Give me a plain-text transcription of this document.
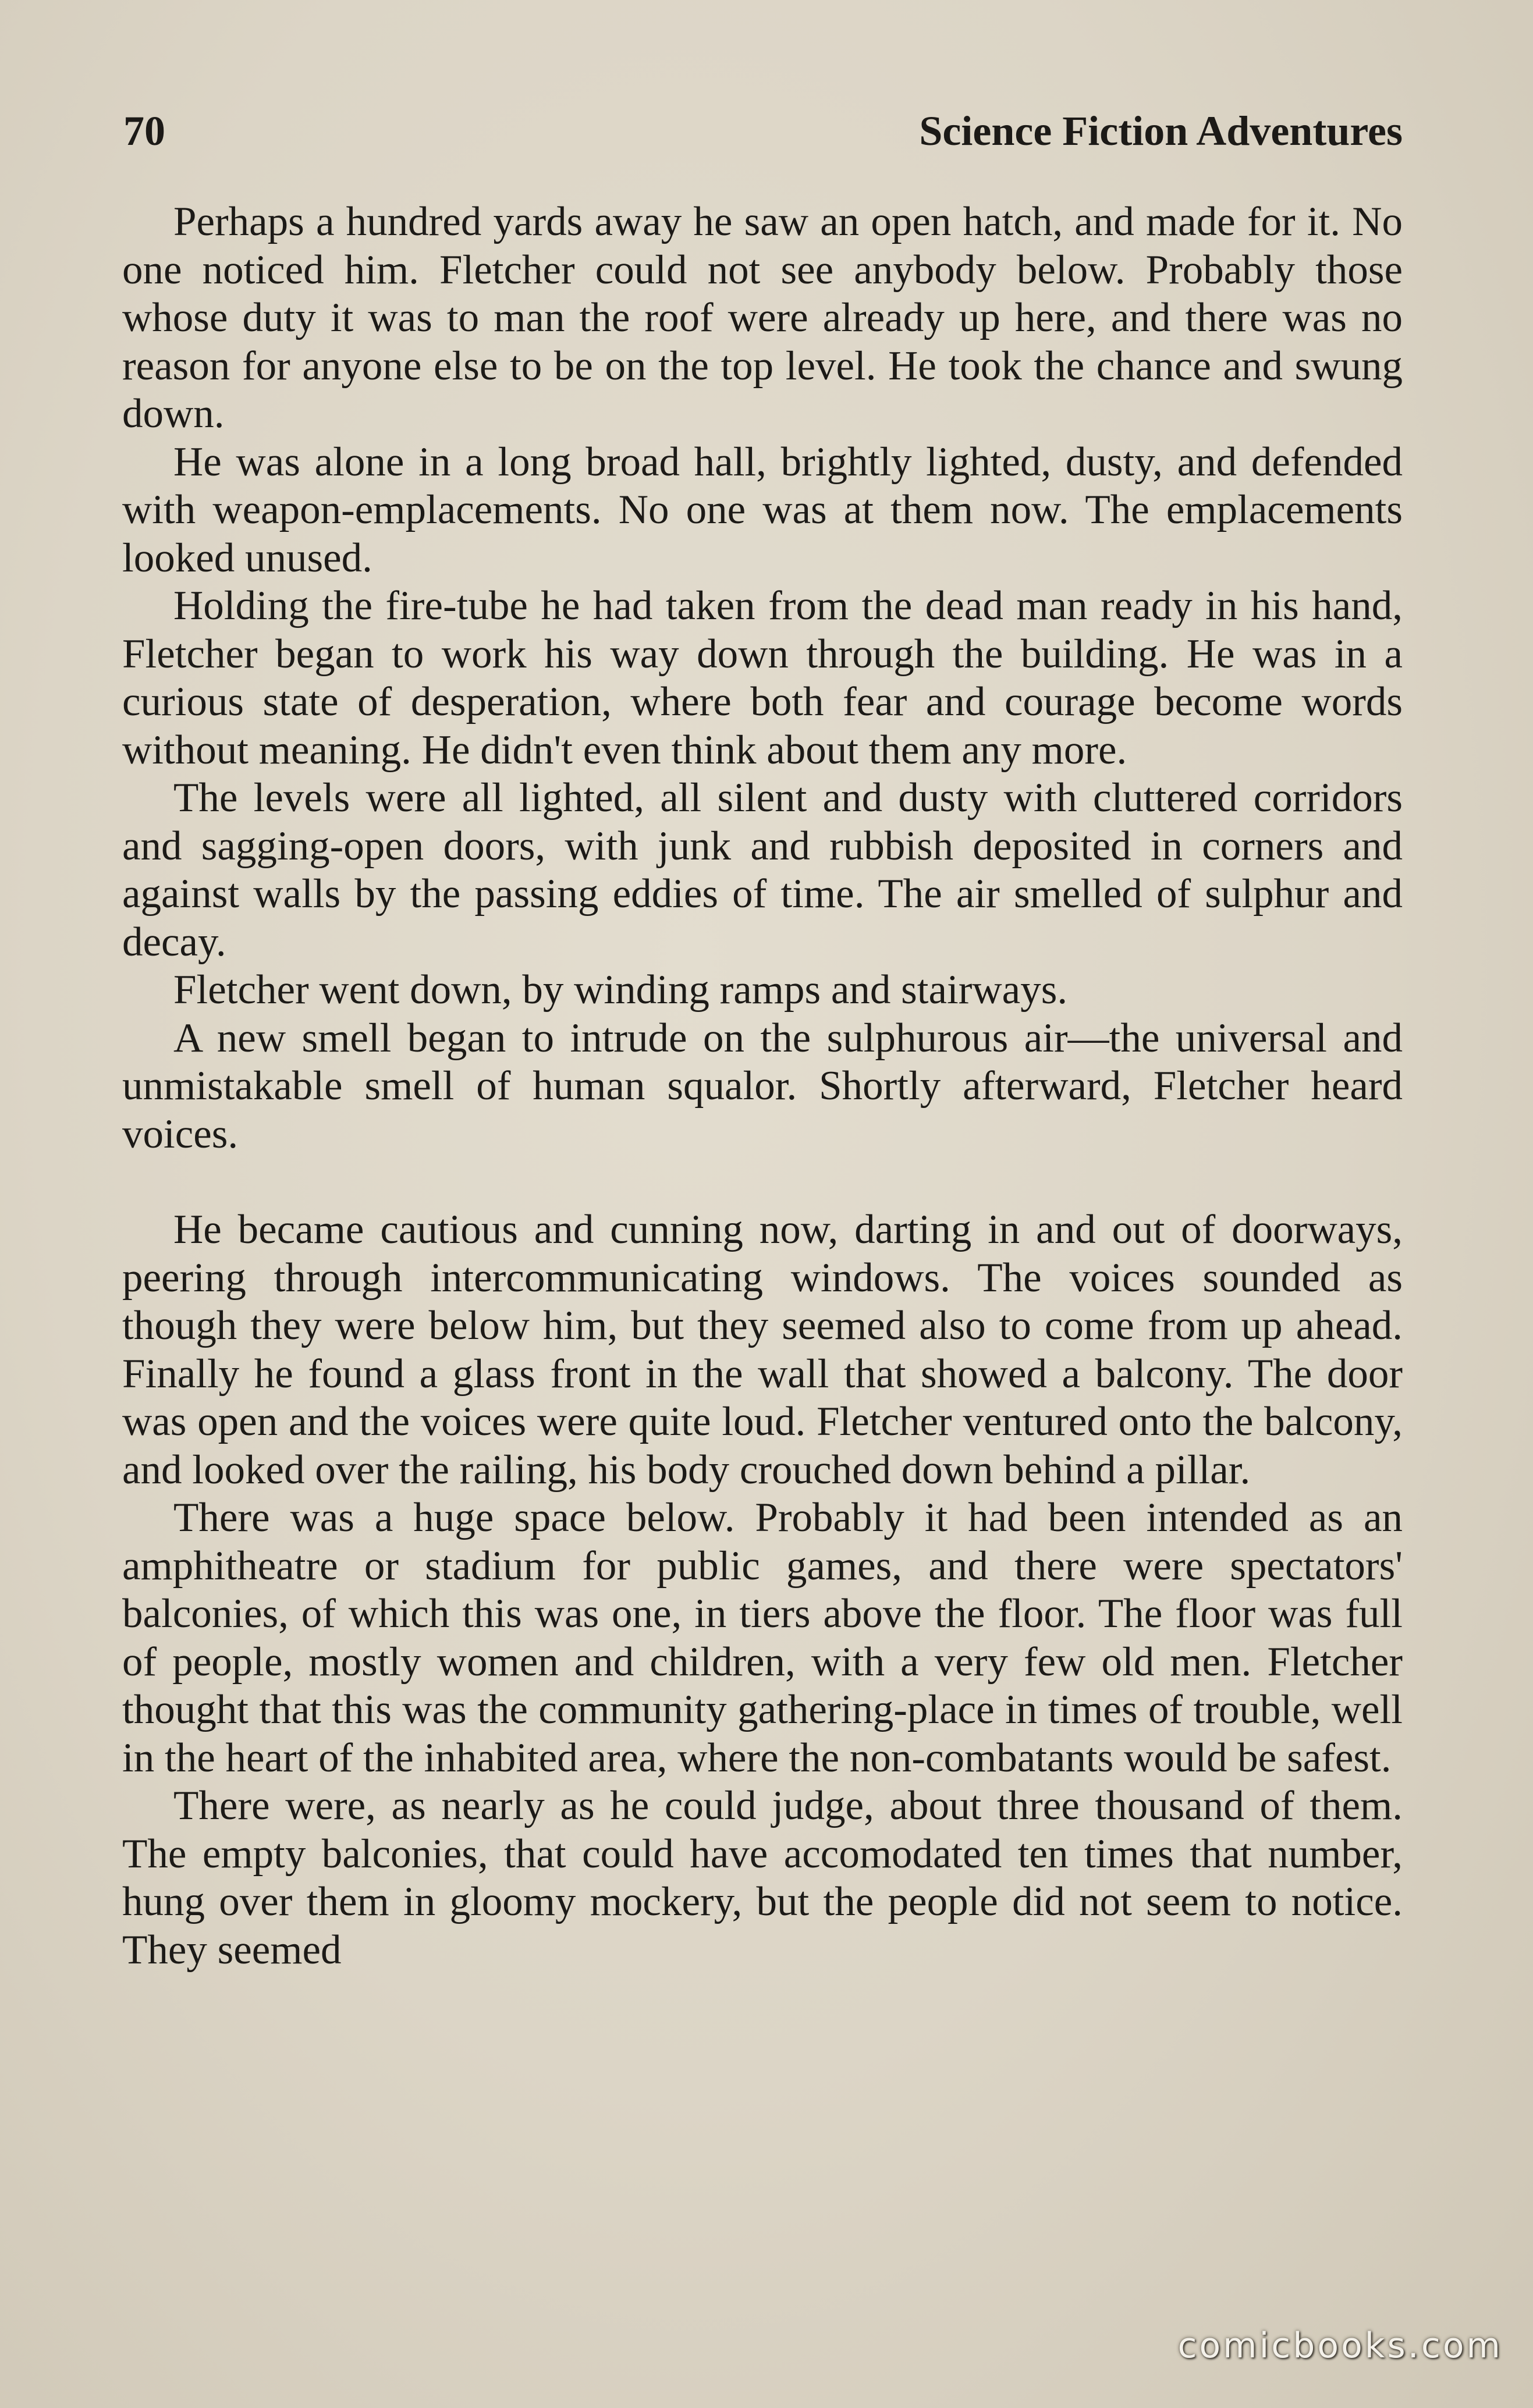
70	Science Fiction Adventures

Perhaps a hundred yards away he saw an open hatch, and made for it. No one noticed him. Fletcher could not see anybody below. Probably those whose duty it was to man the roof were already up here, and there was no reason for anyone else to be on the top level. He took the chance and swung down.

He was alone in a long broad hall, brightly lighted, dusty, and defended with weapon-emplacements. No one was at them now. The emplacements looked unused.

Holding the fire-tube he had taken from the dead man ready in his hand, Fletcher began to work his way down through the building. He was in a curious state of desperation, where both fear and courage become words without meaning. He didn't even think about them any more.

The levels were all lighted, all silent and dusty with cluttered corridors and sagging-open doors, with junk and rubbish deposited in corners and against walls by the passing eddies of time. The air smelled of sulphur and decay.

Fletcher went down, by winding ramps and stairways.

A new smell began to intrude on the sulphurous air—the universal and unmistakable smell of human squalor. Shortly afterward, Fletcher heard voices.

He became cautious and cunning now, darting in and out of doorways, peering through intercommunicating windows. The voices sounded as though they were below him, but they seemed also to come from up ahead. Finally he found a glass front in the wall that showed a balcony. The door was open and the voices were quite loud. Fletcher ventured onto the balcony, and looked over the railing, his body crouched down behind a pillar.

There was a huge space below. Probably it had been intended as an amphitheatre or stadium for public games, and there were spectators' balconies, of which this was one, in tiers above the floor. The floor was full of people, mostly women and children, with a very few old men. Fletcher thought that this was the community gathering-place in times of trouble, well in the heart of the inhabited area, where the non-combatants would be safest.

There were, as nearly as he could judge, about three thousand of them. The empty balconies, that could have accomodated ten times that number, hung over them in gloomy mockery, but the people did not seem to notice. They seemed

comicbooks.com
